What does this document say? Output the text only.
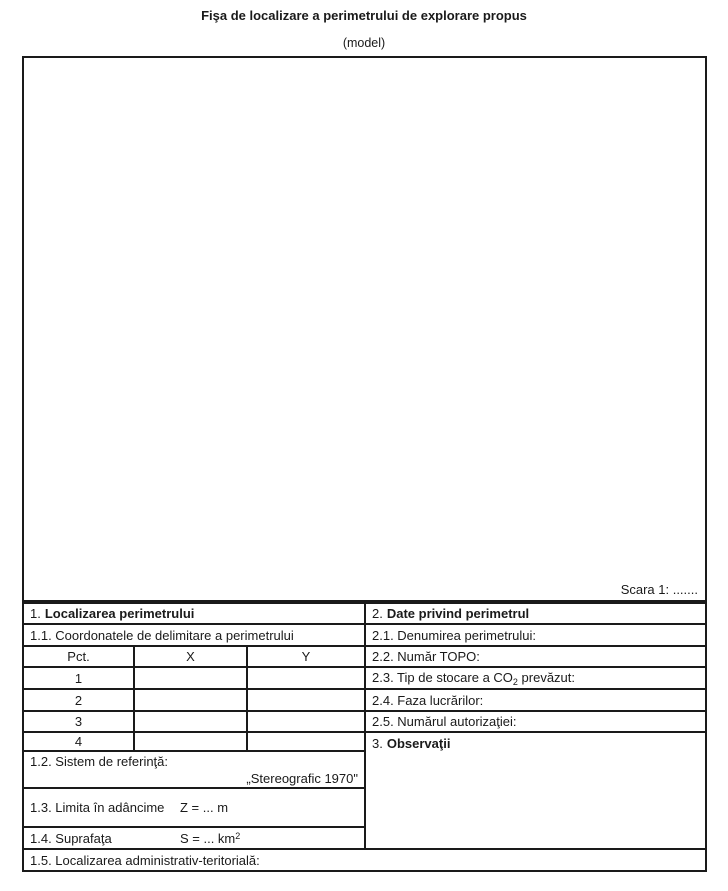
Fişa de localizare a perimetrului de explorare propus
(model)
Scara 1: .......
1. Localizarea perimetrului
1.1. Coordonatele de delimitare a perimetrului
Pct.	X	Y
1
2
3
4
1.2. Sistem de referinţă:
„Stereografic 1970"
1.3. Limita în adâncime	Z = ... m
1.4. Suprafaţa	S = ... $km^2$
2. Date privind perimetrul
2.1. Denumirea perimetrului:
2.2. Număr TOPO:
2.3. Tip de stocare a $CO_2$ prevăzut:
2.4. Faza lucrărilor:
2.5. Numărul autorizaţiei:
3. Observaţii
1.5. Localizarea administrativ-teritorială:
